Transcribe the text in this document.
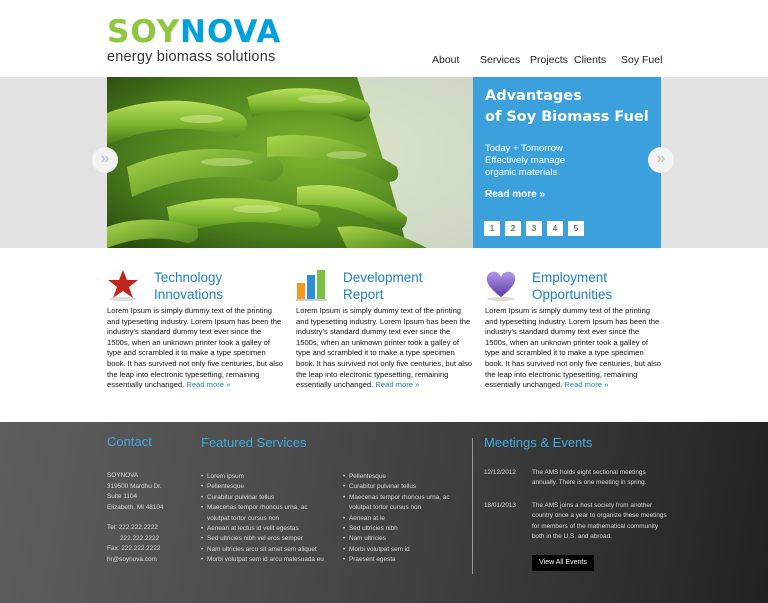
SOYNOVA
energy biomass solutions	About Services Projects Clients Soy Fuel
»
Advantages
of Soy Biomass Fuel
Today + Tomorrow
Effectively manage
organic materials.
Read more »
1	2	3	4	5
»
Technology
Innovations
Lorem Ipsum is simply dummy text of the printing and typesetting industry. Lorem Ipsum has been the industry's standard dummy text ever since the 1500s, when an unknown printer took a galley of type and scrambled it to make a type specimen book. It has survived not only five centuries, but also the leap into electronic typesetting, remaining essentially unchanged. Read more »
Development
Report
Lorem Ipsum is simply dummy text of the printing and typesetting industry. Lorem Ipsum has been the industry's standard dummy text ever since the 1500s, when an unknown printer took a galley of type and scrambled it to make a type specimen book. It has survived not only five centuries, but also the leap into electronic typesetting, remaining essentially unchanged. Read more »
Employment
Opportunities
Lorem Ipsum is simply dummy text of the printing and typesetting industry. Lorem Ipsum has been the industry's standard dummy text ever since the 1500s, when an unknown printer took a galley of type and scrambled it to make a type specimen book. It has survived not only five centuries, but also the leap into electronic typesetting, remaining essentially unchanged. Read more »
Contact
SOYNOVA
319500 Mardhu Dr.
Suite 1104
Elizabeth, MI 48104
Tel: 222.222.2222
222.222.2222
Fax: 222.222.2222
hr@soynova.com
Featured Services
• Lorem ipsum
• Pellentesque
• Curabitur pulvinar tellus
• Maecenas tempor rhoncus urna, ac
volutpat tortor cursus non
• Aenean at lectus id velit egestas
• Sed ultricies nibh vel eros semper
• Nam ultricies arcu sit amet sem aliquet
• Morbi volutpat sem id arcu malesuada eu
• Pellentesque
• Curabitur pulvinar tellus
• Maecenas tempor rhoncus urna, ac
volutpat tortor cursus non
• Aenean at le
• Sed ultricies nibh
• Nam ultricies
• Morbi volutpat sem id
• Praesent egesta
Meetings & Events
12/12/2012	The AMS holds eight sectional meetings annually. There is one meeting in spring.
18/01/2013	The AMS joins a host society from another country once a year to organize these meetings for members of the mathematical community both in the U.S. and abroad.
View All Events
